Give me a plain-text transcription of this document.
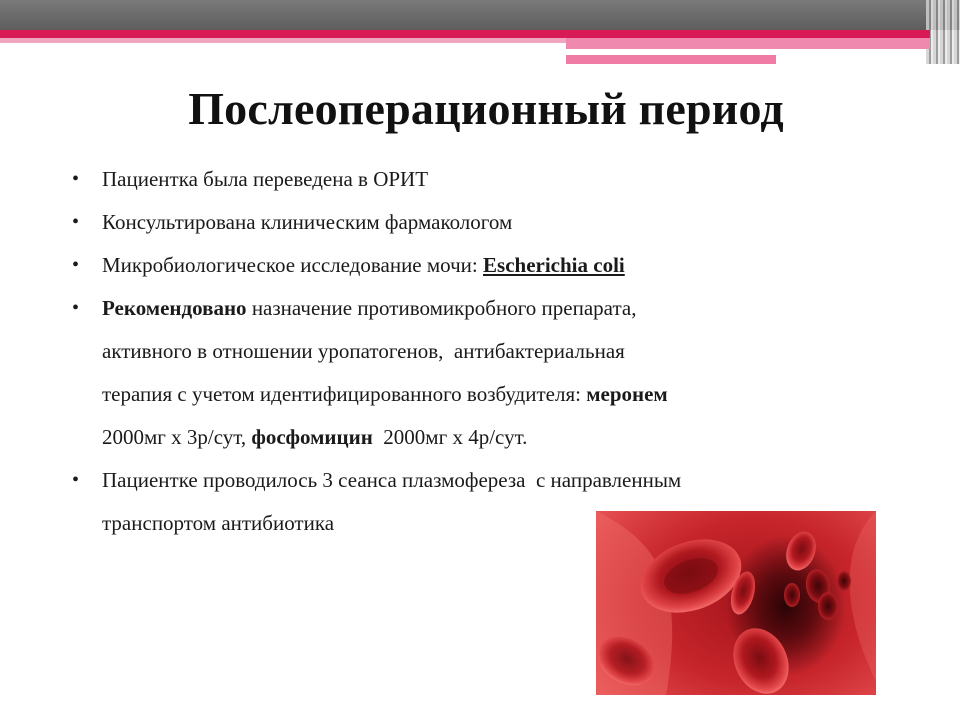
Послеоперационный период
• Пациентка была переведена в ОРИТ
• Консультирована клиническим фармакологом
• Микробиологическое исследование мочи: Escherichia coli
• Рекомендовано назначение противомикробного препарата,
активного в отношении уропатогенов,  антибактериальная
терапия с учетом идентифицированного возбудителя: меронем
2000мг х 3р/сут, фосфомицин  2000мг х 4р/сут.
• Пациентке проводилось 3 сеанса плазмофереза  с направленным
транспортом антибиотика
